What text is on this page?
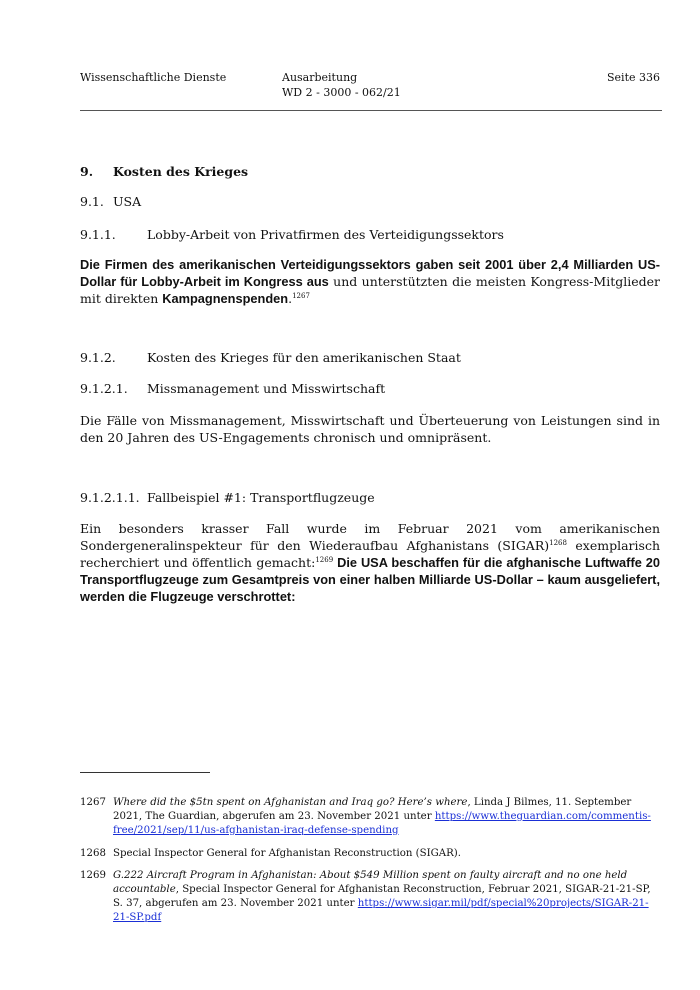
Wissenschaftliche Dienste	Ausarbeitung
WD 2 - 3000 - 062/21
Seite 336
9. Kosten des Krieges
9.1. USA
9.1.1. Lobby-Arbeit von Privatfirmen des Verteidigungssektors
Die Firmen des amerikanischen Verteidigungssektors gaben seit 2001 über 2,4 Milliarden US-Dollar für Lobby-Arbeit im Kongress aus und unterstützten die meisten Kongress-Mitglieder mit direkten Kampagnenspenden.$^{1267}$
9.1.2. Kosten des Krieges für den amerikanischen Staat
9.1.2.1. Missmanagement und Misswirtschaft
Die Fälle von Missmanagement, Misswirtschaft und Überteuerung von Leistungen sind in den 20 Jahren des US-Engagements chronisch und omnipräsent.
9.1.2.1.1. Fallbeispiel #1: Transportflugzeuge
Ein besonders krasser Fall wurde im Februar 2021 vom amerikanischen Sondergeneralinspekteur für den Wiederaufbau Afghanistans (SIGAR)$^{1268}$ exemplarisch recherchiert und öffentlich gemacht:$^{1269}$ Die USA beschaffen für die afghanische Luftwaffe 20 Transportflugzeuge zum Gesamtpreis von einer halben Milliarde US-Dollar – kaum ausgeliefert, werden die Flugzeuge verschrottet:
1267 Where did the $5tn spent on Afghanistan and Iraq go? Here’s where, Linda J Bilmes, 11. September 2021, The Guardian, abgerufen am 23. November 2021 unter https://www.theguardian.com/commentis-free/2021/sep/11/us-afghanistan-iraq-defense-spending
1268 Special Inspector General for Afghanistan Reconstruction (SIGAR).
1269 G.222 Aircraft Program in Afghanistan: About $549 Million spent on faulty aircraft and no one held accountable, Special Inspector General for Afghanistan Reconstruction, Februar 2021, SIGAR-21-21-SP, S. 37, abgerufen am 23. November 2021 unter https://www.sigar.mil/pdf/special%20projects/SIGAR-21-21-SP.pdf
